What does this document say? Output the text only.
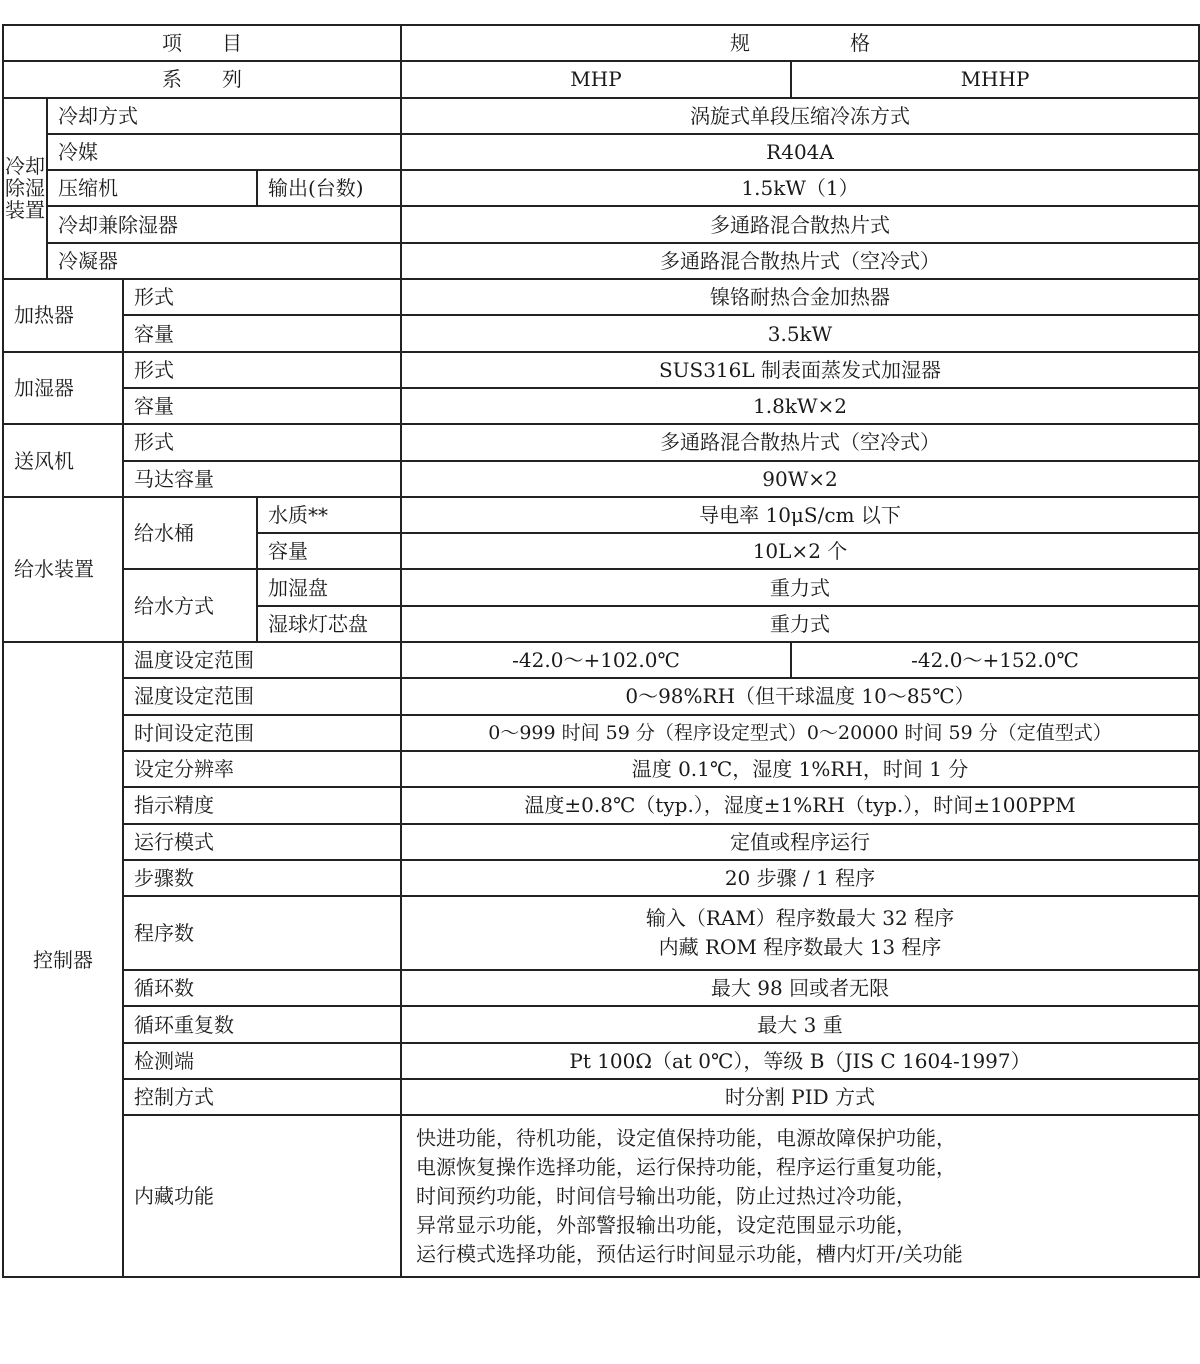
项　　目				规　　　　　格	
系　　列				MHP	MHHP
冷却除湿装置	冷却方式			涡旋式单段压缩冷冻方式	
	冷媒			R404A	
	压缩机		输出(台数)	1.5kW（1）	
	冷却兼除湿器			多通路混合散热片式	
	冷凝器			多通路混合散热片式（空冷式）	
加热器		形式		镍铬耐热合金加热器	
		容量		3.5kW	
加湿器		形式		SUS316L 制表面蒸发式加湿器	
		容量		1.8kW×2	
送风机		形式		多通路混合散热片式（空冷式）	
		马达容量		90W×2	
给水装置		给水桶	水质**	导电率 10μS/cm 以下	
			容量	10L×2 个	
		给水方式	加湿盘	重力式	
			湿球灯芯盘	重力式	
控制器		温度设定范围		-42.0～+102.0℃	-42.0～+152.0℃
		湿度设定范围		0～98%RH（但干球温度 10～85℃）	
		时间设定范围		0～999 时间 59 分（程序设定型式）0～20000 时间 59 分（定值型式）	
		设定分辨率		温度 0.1℃，湿度 1%RH，时间 1 分	
		指示精度		温度±0.8℃（typ.），湿度±1%RH（typ.），时间±100PPM	
		运行模式		定值或程序运行	
		步骤数		20 步骤 / 1 程序	
		程序数		输入（RAM）程序数最大 32 程序
内藏 ROM 程序数最大 13 程序	

		循环数		最大 98 回或者无限	
		循环重复数		最大 3 重	
		检测端		Pt 100Ω（at 0℃），等级 B（JIS C 1604-1997）	
		控制方式		时分割 PID 方式	
		内藏功能		快进功能，待机功能，设定值保持功能，电源故障保护功能，
电源恢复操作选择功能，运行保持功能，程序运行重复功能，
时间预约功能，时间信号输出功能，防止过热过冷功能，
异常显示功能，外部警报输出功能，设定范围显示功能，
运行模式选择功能，预估运行时间显示功能，槽内灯开/关功能	
